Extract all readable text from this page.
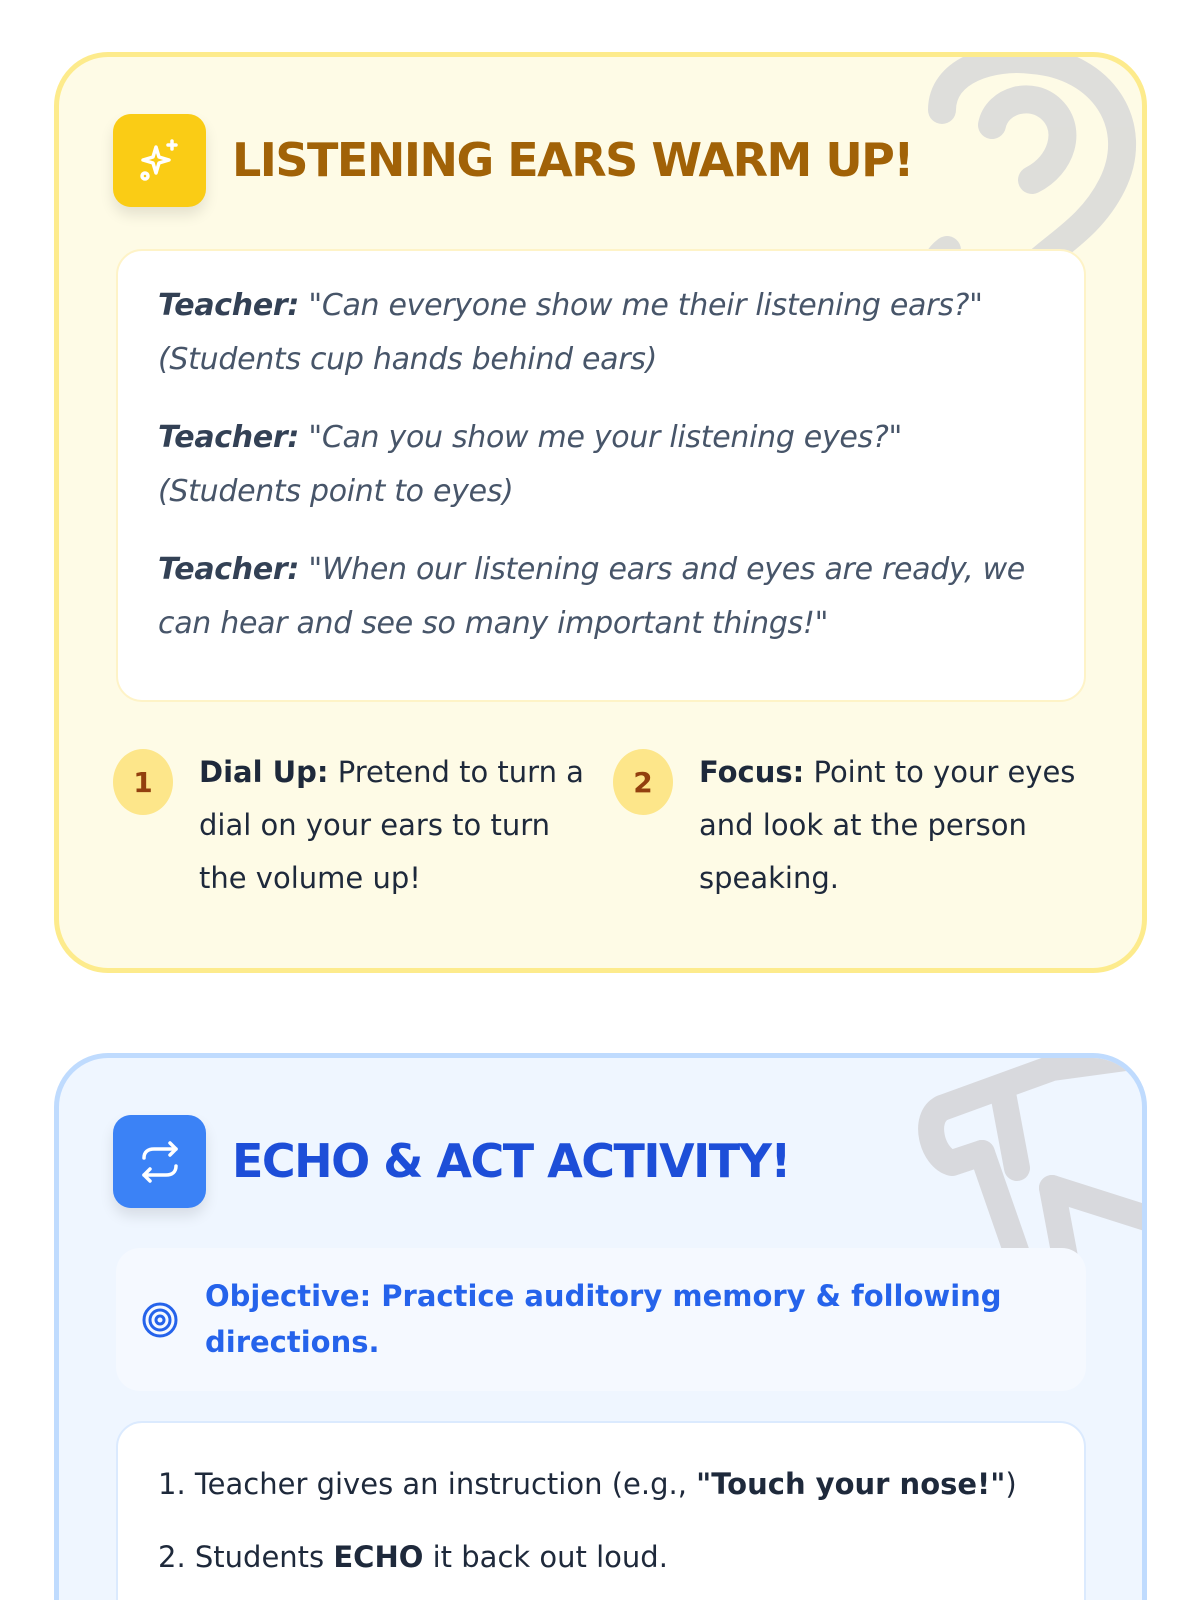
LISTENING EARS WARM UP!

Teacher: "Can everyone show me their listening ears?" (Students cup hands behind ears)

Teacher: "Can you show me your listening eyes?" (Students point to eyes)

Teacher: "When our listening ears and eyes are ready, we can hear and see so many important things!"

1	Dial Up: Pretend to turn a dial on your ears to turn the volume up!

2	Focus: Point to your eyes and look at the person speaking.

ECHO & ACT ACTIVITY!

Objective: Practice auditory memory & following directions.

1. Teacher gives an instruction (e.g., "Touch your nose!")

2. Students ECHO it back out loud.
